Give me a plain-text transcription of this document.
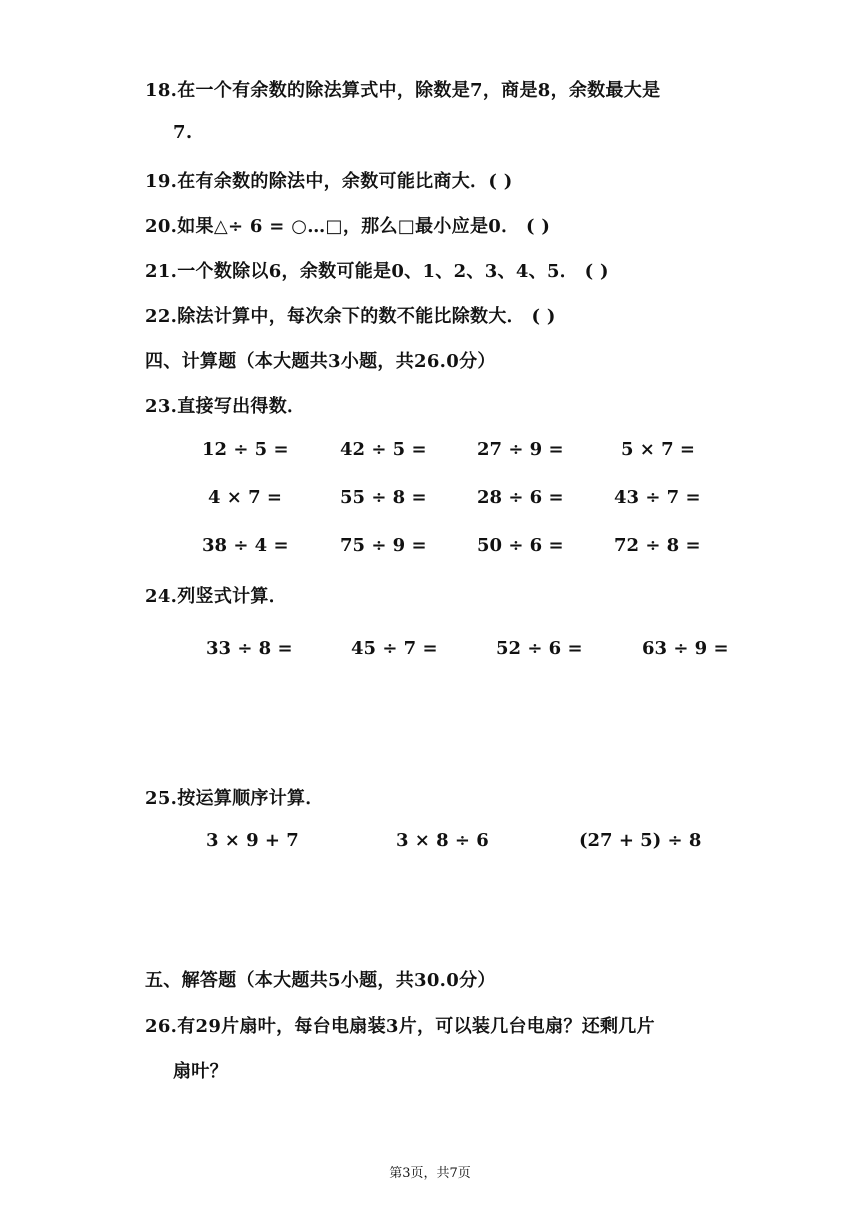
18.在一个有余数的除法算式中，除数是7，商是8，余数最大是
7.
19.在有余数的除法中，余数可能比商大．( )
20.如果△÷ 6 = ○…□，那么□最小应是0． ( )
21.一个数除以6，余数可能是0、1、2、3、4、5． ( )
22.除法计算中，每次余下的数不能比除数大． ( )
四、计算题（本大题共3小题，共26.0分）
23.直接写出得数．
12 ÷ 5 =	42 ÷ 5 =	27 ÷ 9 =	5 × 7 =
4 × 7 =	55 ÷ 8 =	28 ÷ 6 =	43 ÷ 7 =
38 ÷ 4 =	75 ÷ 9 =	50 ÷ 6 =	72 ÷ 8 =
24.列竖式计算．
33 ÷ 8 =	45 ÷ 7 =	52 ÷ 6 =	63 ÷ 9 =
25.按运算顺序计算．
3 × 9 + 7	3 × 8 ÷ 6	(27 + 5) ÷ 8
五、解答题（本大题共5小题，共30.0分）
26.有29片扇叶，每台电扇装3片，可以装几台电扇？还剩几片
扇叶？
第3页，共7页
